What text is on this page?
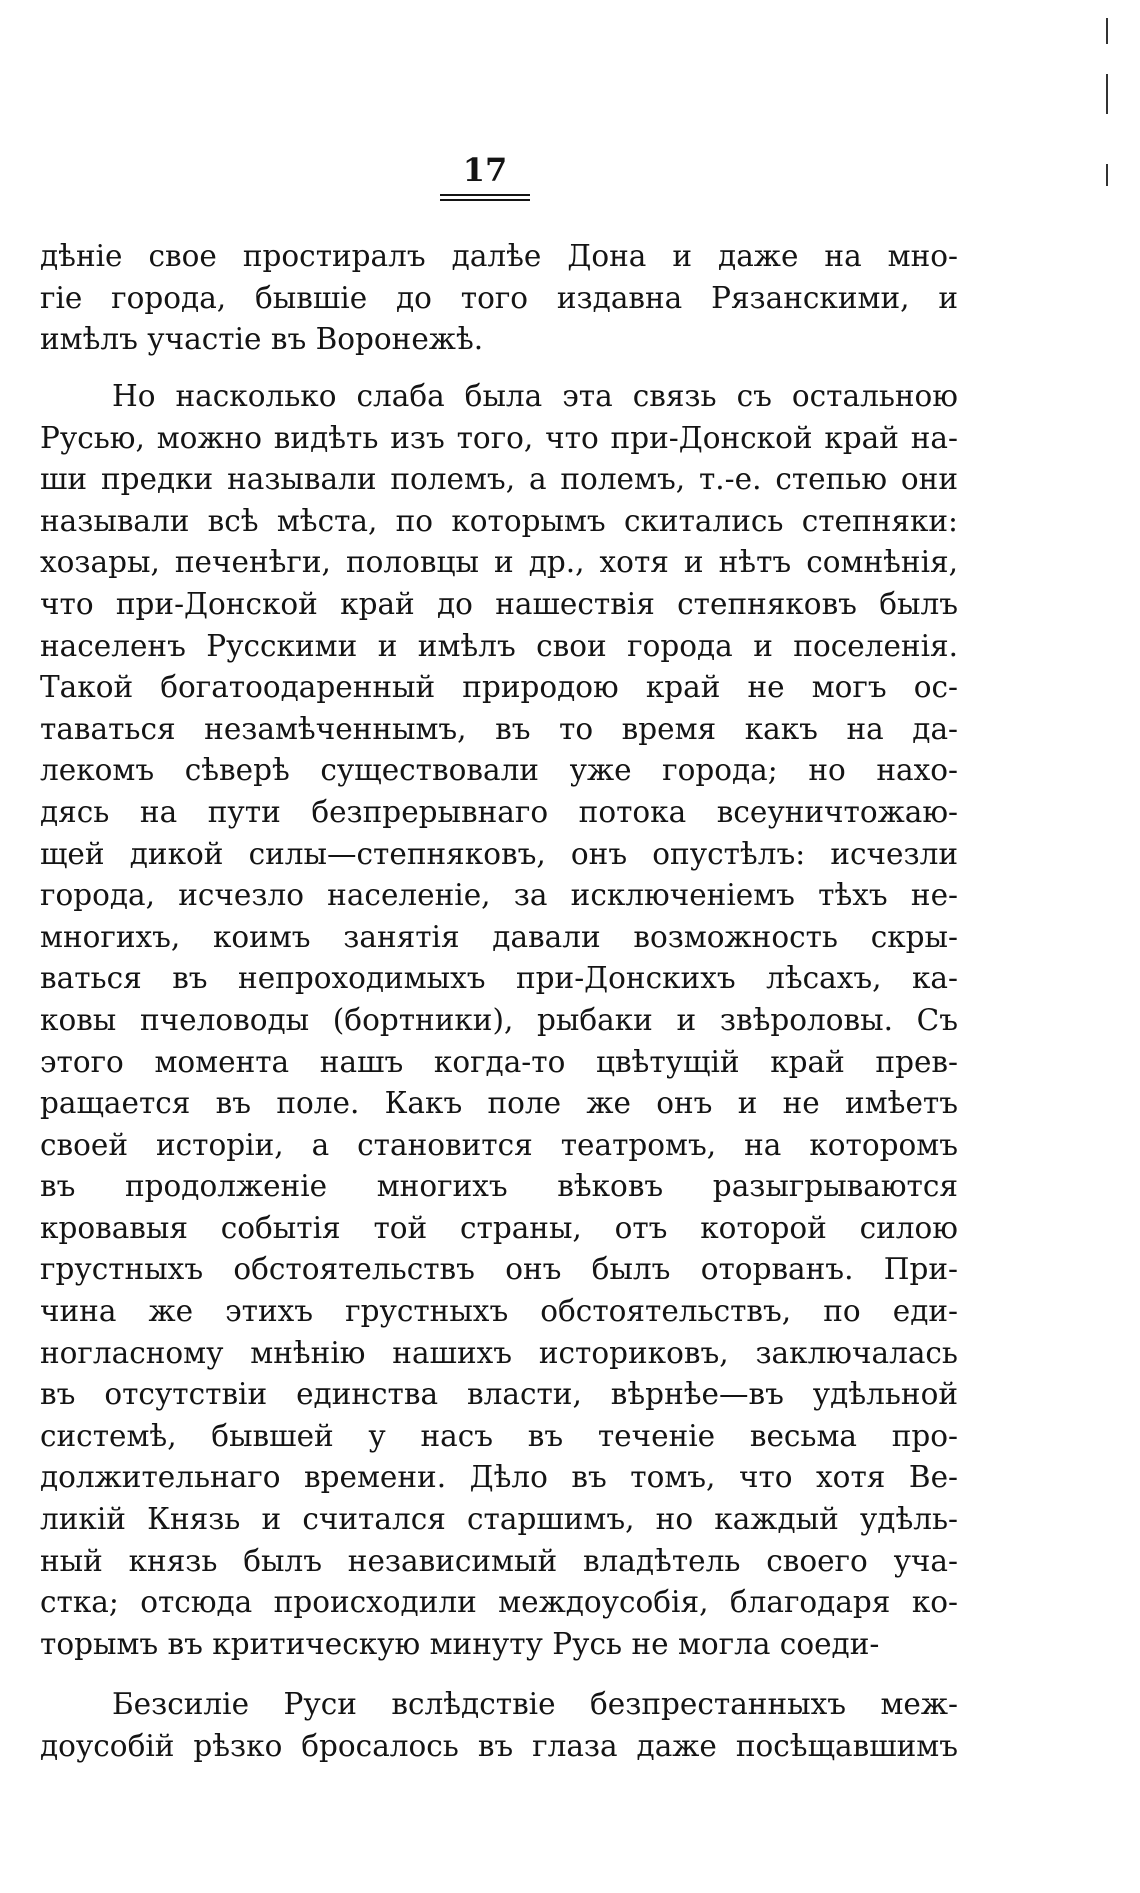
17
дѣніе свое простиралъ далѣе Дона и даже на мно-
гіе города, бывшіе до того издавна Рязанскими, и
имѣлъ участіе въ Воронежѣ.
Но насколько слаба была эта связь съ остальною
Русью, можно видѣть изъ того, что при-Донской край на-
ши предки называли полемъ, а полемъ, т.-е. степью они
называли всѣ мѣста, по которымъ скитались степняки:
хозары, печенѣги, половцы и др., хотя и нѣтъ сомнѣнія,
что при-Донской край до нашествія степняковъ былъ
населенъ Русскими и имѣлъ свои города и поселенія.
Такой богатоодаренный природою край не могъ ос-
таваться незамѣченнымъ, въ то время какъ на да-
лекомъ сѣверѣ существовали уже города; но нахо-
дясь на пути безпрерывнаго потока всеуничтожаю-
щей дикой силы—степняковъ, онъ опустѣлъ: исчезли
города, исчезло населеніе, за исключеніемъ тѣхъ не-
многихъ, коимъ занятія давали возможность скры-
ваться въ непроходимыхъ при-Донскихъ лѣсахъ, ка-
ковы пчеловоды (бортники), рыбаки и звѣроловы. Съ
этого момента нашъ когда-то цвѣтущій край прев-
ращается въ поле. Какъ поле же онъ и не имѣетъ
своей исторіи, а становится театромъ, на которомъ
въ продолженіе многихъ вѣковъ разыгрываются
кровавыя событія той страны, отъ которой силою
грустныхъ обстоятельствъ онъ былъ оторванъ. При-
чина же этихъ грустныхъ обстоятельствъ, по еди-
ногласному мнѣнію нашихъ историковъ, заключалась
въ отсутствіи единства власти, вѣрнѣе—въ удѣльной
системѣ, бывшей у насъ въ теченіе весьма про-
должительнаго времени. Дѣло въ томъ, что хотя Ве-
ликій Князь и считался старшимъ, но каждый удѣль-
ный князь былъ независимый владѣтель своего уча-
стка; отсюда происходили междоусобія, благодаря ко-
торымъ въ критическую минуту Русь не могла соеди-
Безсиліе Руси вслѣдствіе безпрестанныхъ меж-
доусобій рѣзко бросалось въ глаза даже посѣщавшимъ
